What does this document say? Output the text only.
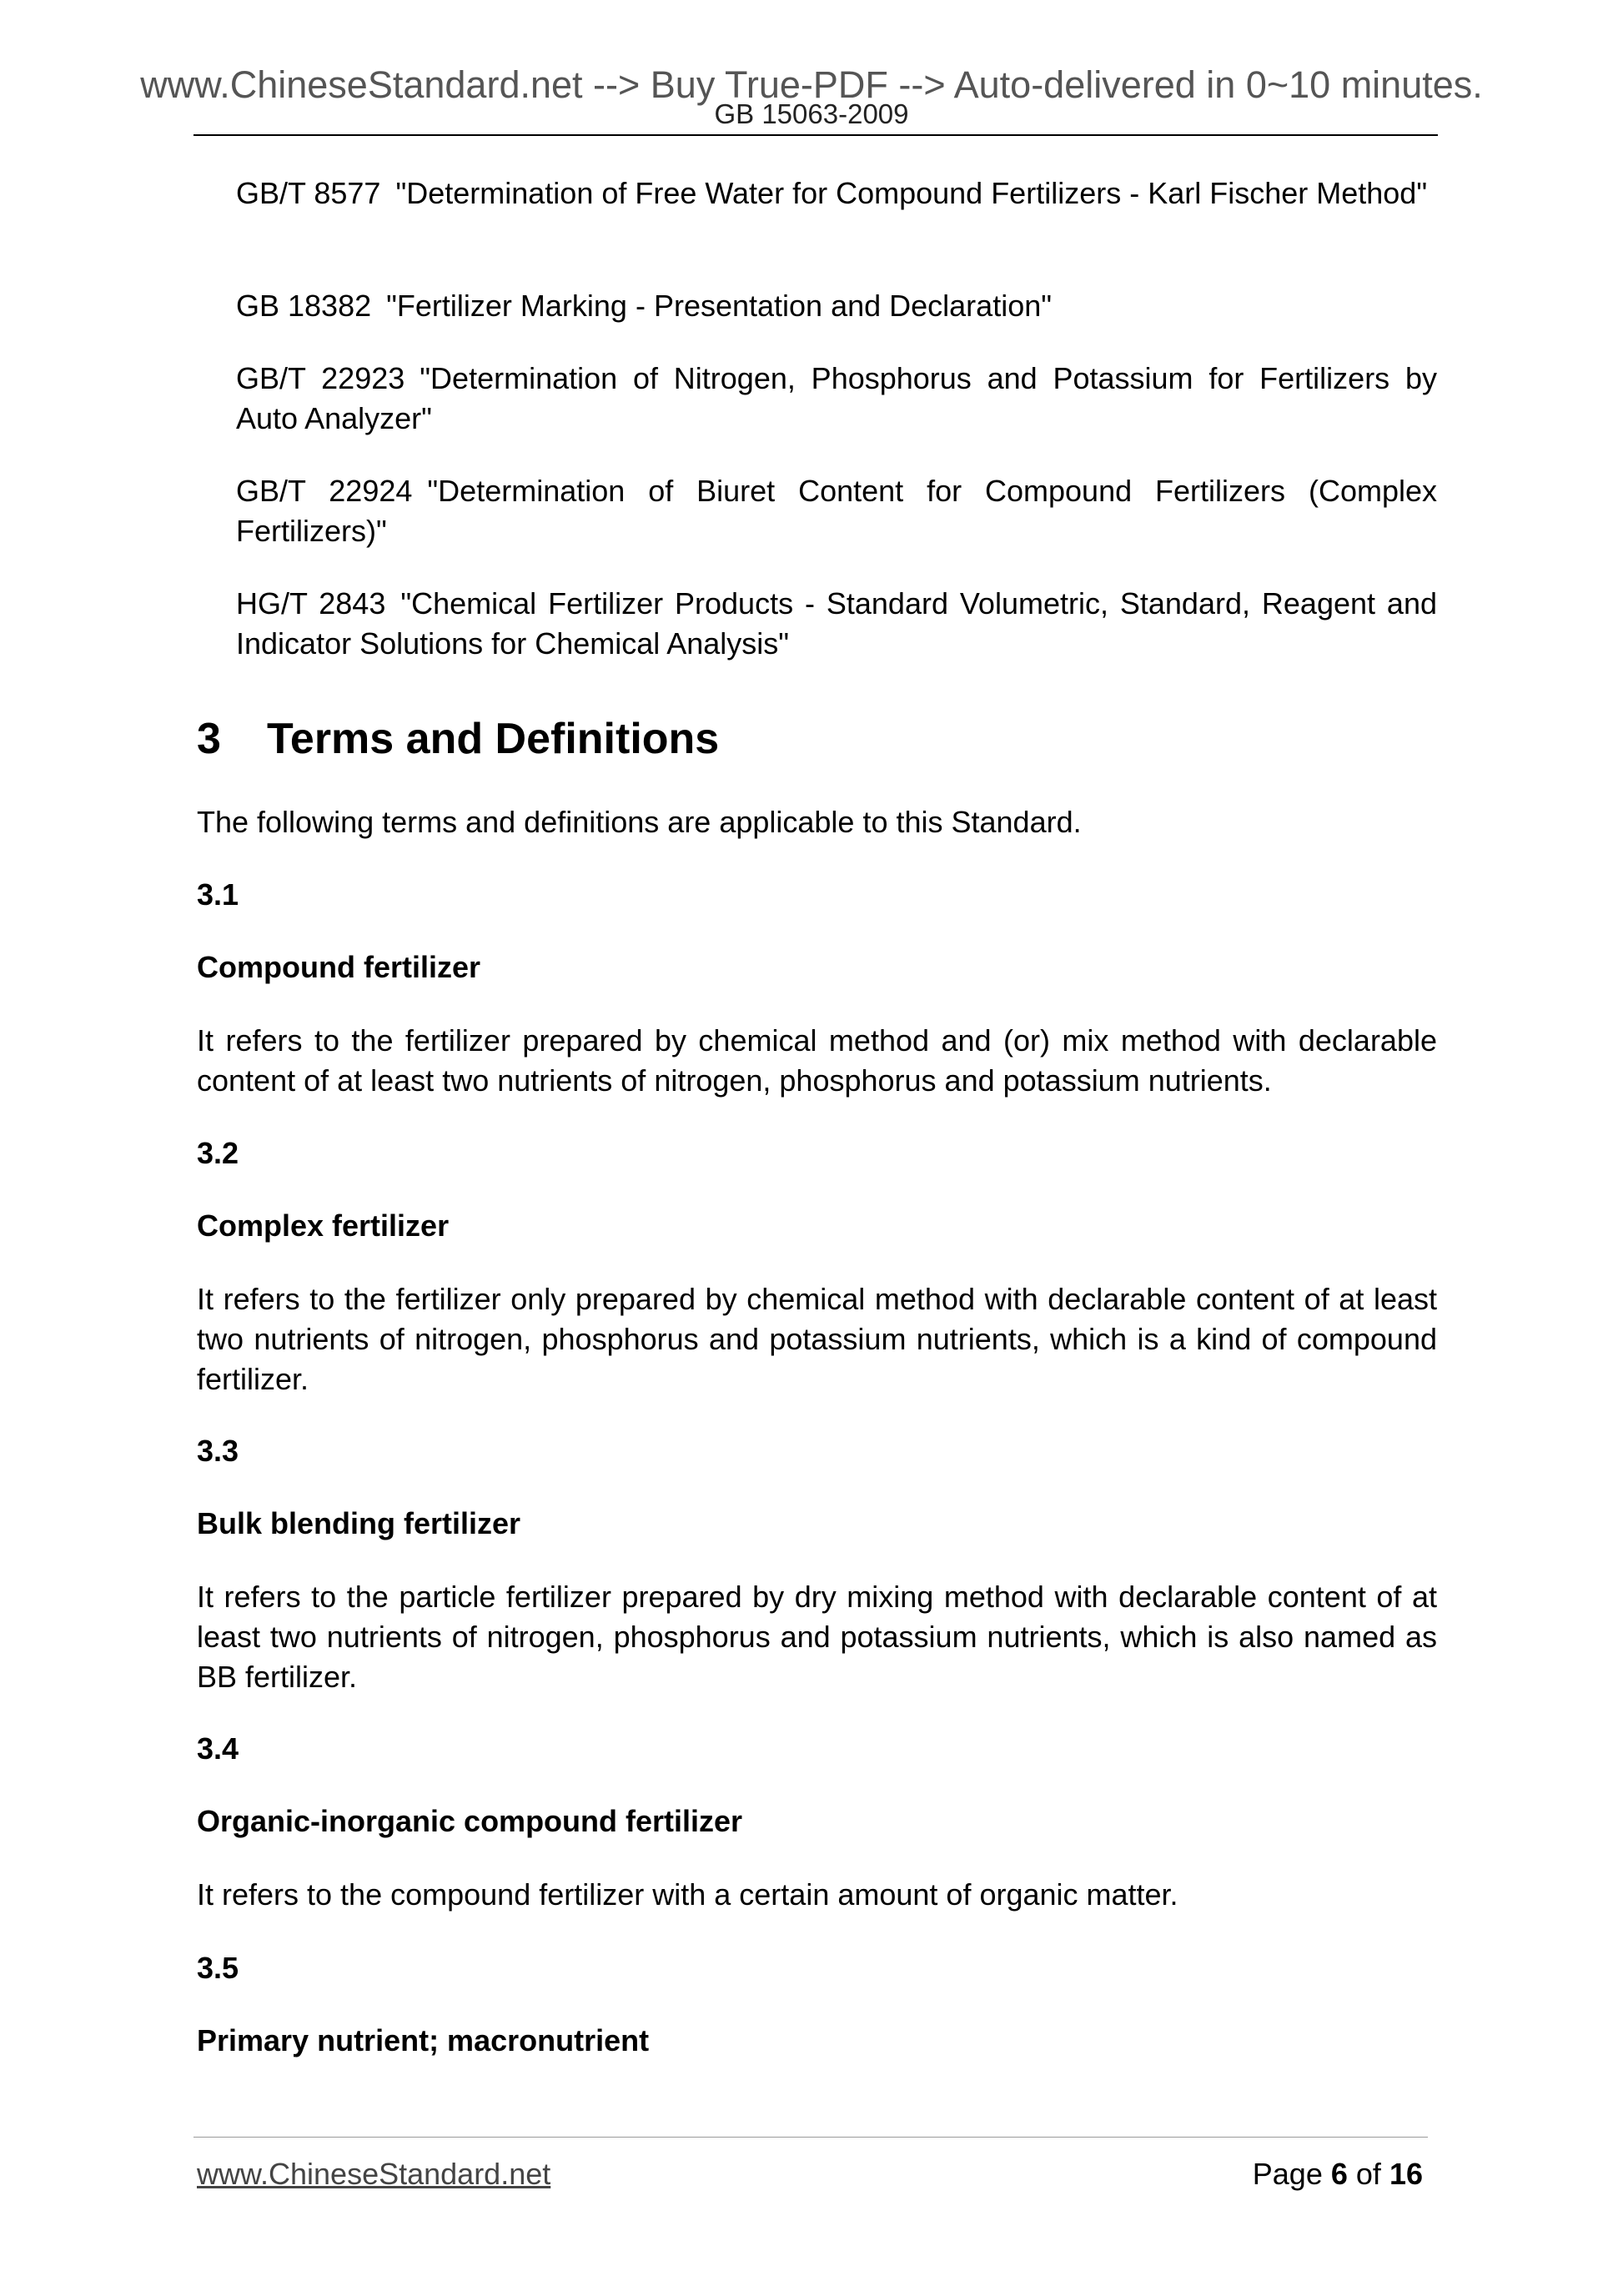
www.ChineseStandard.net --> Buy True-PDF --> Auto-delivered in 0~10 minutes.
GB 15063-2009

GB/T 8577 "Determination of Free Water for Compound Fertilizers - Karl Fischer Method"

GB 18382 "Fertilizer Marking - Presentation and Declaration"

GB/T 22923 "Determination of Nitrogen, Phosphorus and Potassium for Fertilizers by Auto Analyzer"

GB/T 22924 "Determination of Biuret Content for Compound Fertilizers (Complex Fertilizers)"

HG/T 2843 "Chemical Fertilizer Products - Standard Volumetric, Standard, Reagent and Indicator Solutions for Chemical Analysis"

3 Terms and Definitions

The following terms and definitions are applicable to this Standard.

3.1

Compound fertilizer

It refers to the fertilizer prepared by chemical method and (or) mix method with declarable content of at least two nutrients of nitrogen, phosphorus and potassium nutrients.

3.2

Complex fertilizer

It refers to the fertilizer only prepared by chemical method with declarable content of at least two nutrients of nitrogen, phosphorus and potassium nutrients, which is a kind of compound fertilizer.

3.3

Bulk blending fertilizer

It refers to the particle fertilizer prepared by dry mixing method with declarable content of at least two nutrients of nitrogen, phosphorus and potassium nutrients, which is also named as BB fertilizer.

3.4

Organic-inorganic compound fertilizer

It refers to the compound fertilizer with a certain amount of organic matter.

3.5

Primary nutrient; macronutrient

www.ChineseStandard.net	Page 6 of 16
